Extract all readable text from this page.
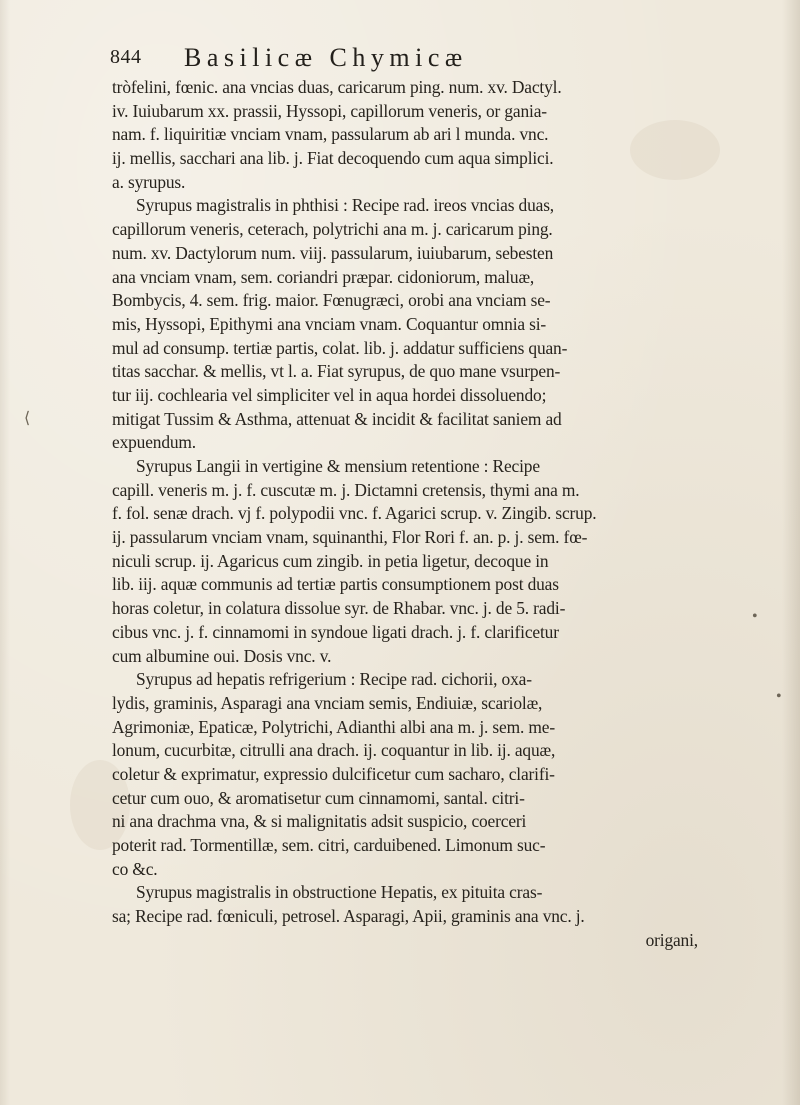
844 Basilicæ Chymicæ
tròfelini, fœnic. ana vncias duas, caricarum ping. num. xv. Dactyl.
iv. Iuiubarum xx. prassii, Hyssopi, capillorum veneris, or gania-
nam. f. liquiritiæ vnciam vnam, passularum ab ari l munda. vnc.
ij. mellis, sacchari ana lib. j. Fiat decoquendo cum aqua simplici.
a. syrupus.
Syrupus magistralis in phthisi : Recipe rad. ireos vncias duas,
capillorum veneris, ceterach, polytrichi ana m. j. caricarum ping.
num. xv. Dactylorum num. viij. passularum, iuiubarum, sebesten
ana vnciam vnam, sem. coriandri præpar. cidoniorum, maluæ,
Bombycis, 4. sem. frig. maior. Fœnugræci, orobi ana vnciam se-
mis, Hyssopi, Epithymi ana vnciam vnam. Coquantur omnia si-
mul ad consump. tertiæ partis, colat. lib. j. addatur sufficiens quan-
titas sacchar. & mellis, vt l. a. Fiat syrupus, de quo mane vsurpen-
tur iij. cochlearia vel simpliciter vel in aqua hordei dissoluendo;
mitigat Tussim & Asthma, attenuat & incidit & facilitat saniem ad
expuendum.
Syrupus Langii in vertigine & mensium retentione : Recipe
capill. veneris m. j. f. cuscutæ m. j. Dictamni cretensis, thymi ana m.
f. fol. senæ drach. vj f. polypodii vnc. f. Agarici scrup. v. Zingib. scrup.
ij. passularum vnciam vnam, squinanthi, Flor Rori f. an. p. j. sem. fœ-
niculi scrup. ij. Agaricus cum zingib. in petia ligetur, decoque in
lib. iij. aquæ communis ad tertiæ partis consumptionem post duas
horas coletur, in colatura dissolue syr. de Rhabar. vnc. j. de 5. radi-
cibus vnc. j. f. cinnamomi in syndoue ligati drach. j. f. clarificetur
cum albumine oui. Dosis vnc. v.
Syrupus ad hepatis refrigerium : Recipe rad. cichorii, oxa-
lydis, graminis, Asparagi ana vnciam semis, Endiuiæ, scariolæ,
Agrimoniæ, Epaticæ, Polytrichi, Adianthi albi ana m. j. sem. me-
lonum, cucurbitæ, citrulli ana drach. ij. coquantur in lib. ij. aquæ,
coletur & exprimatur, expressio dulcificetur cum sacharo, clarifi-
cetur cum ouo, & aromatisetur cum cinnamomi, santal. citri-
ni ana drachma vna, & si malignitatis adsit suspicio, coerceri
poterit rad. Tormentillæ, sem. citri, carduibened. Limonum suc-
co &c.
Syrupus magistralis in obstructione Hepatis, ex pituita cras-
sa; Recipe rad. fœniculi, petrosel. Asparagi, Apii, graminis ana vnc. j.
origani,
⟨
•
•
